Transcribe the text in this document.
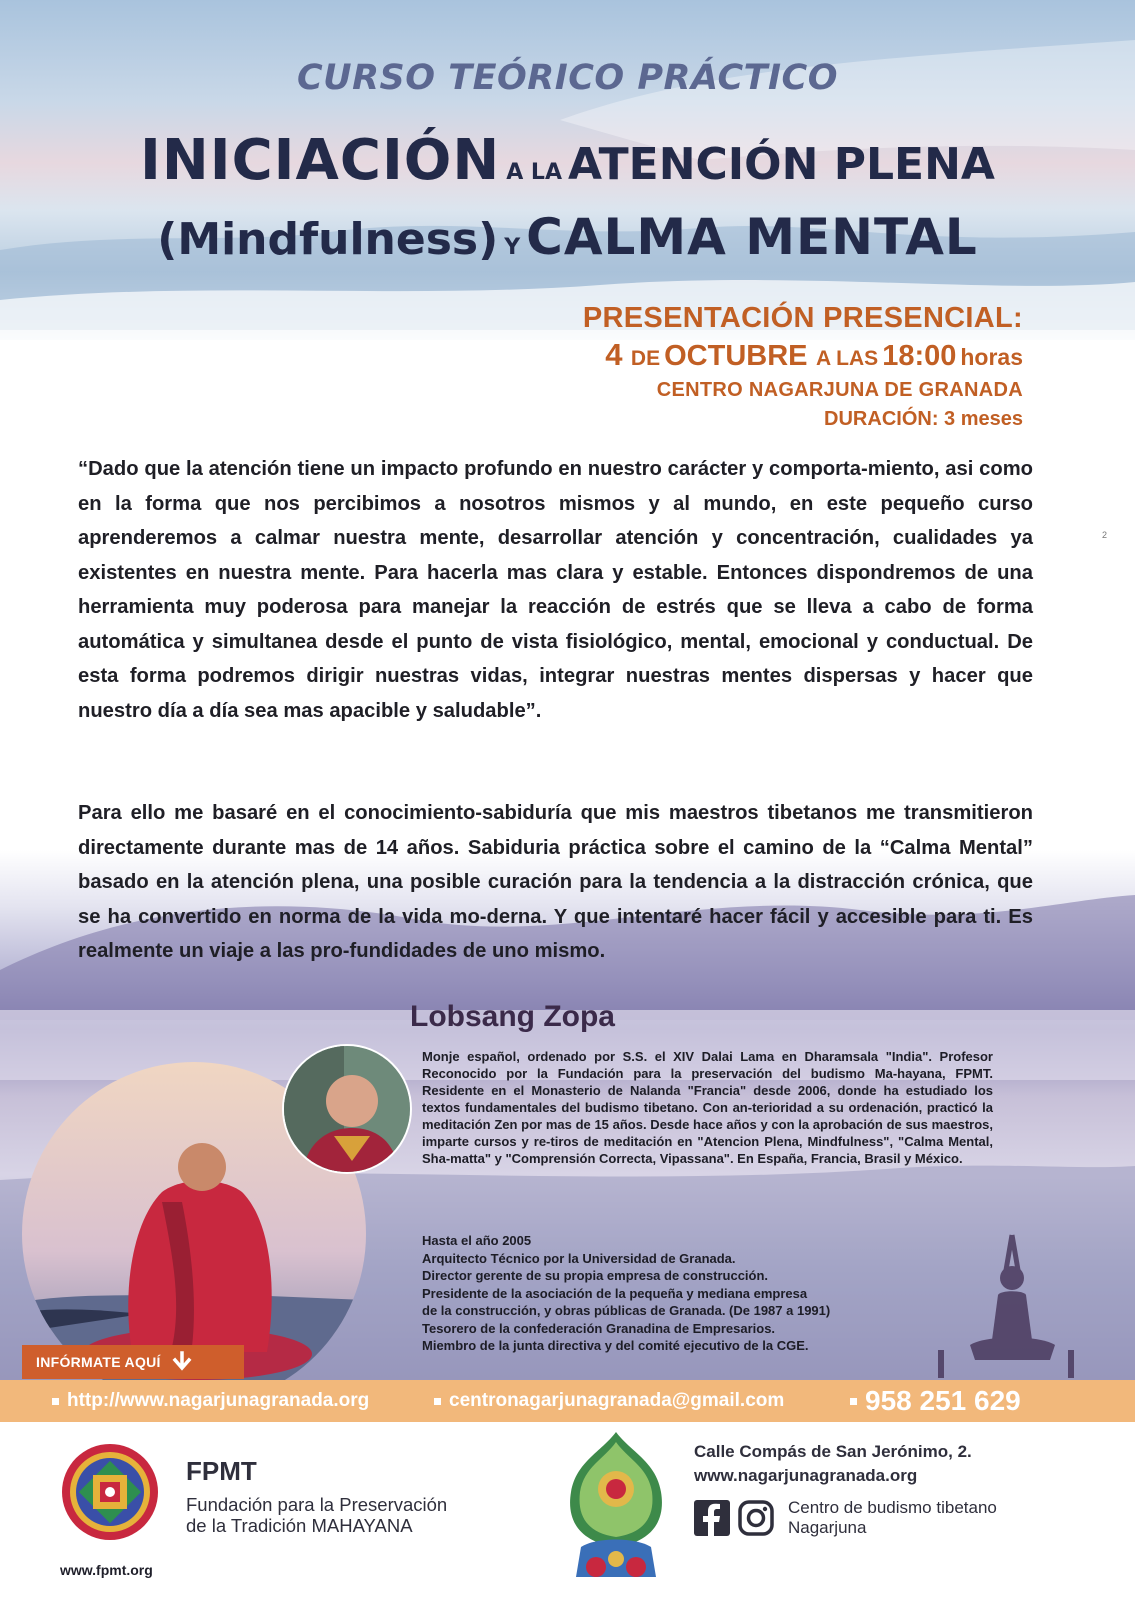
CURSO TEÓRICO PRÁCTICO
INICIACIÓN A LA ATENCIÓN PLENA
(Mindfulness) Y CALMA MENTAL
PRESENTACIÓN PRESENCIAL:
4 DE OCTUBRE A LAS 18:00 horas
CENTRO NAGARJUNA DE GRANADA
DURACIÓN: 3 meses
“Dado que la atención tiene un impacto profundo en nuestro carácter y comporta-miento, asi como en la forma que nos percibimos a nosotros mismos y al mundo, en este pequeño curso aprenderemos a calmar nuestra mente, desarrollar atención y concentración, cualidades ya existentes en nuestra mente. Para hacerla mas clara y estable. Entonces dispondremos de una herramienta muy poderosa para manejar la reacción de estrés que se lleva a cabo de forma automática y simultanea desde el punto de vista fisiológico, mental, emocional y conductual. De esta forma podremos dirigir nuestras vidas, integrar nuestras mentes dispersas y hacer que nuestro día a día sea mas apacible y saludable”.
Para ello me basaré en el conocimiento-sabiduría que mis maestros tibetanos me transmitieron directamente durante mas de 14 años. Sabiduria práctica sobre el camino de la “Calma Mental” basado en la atención plena, una posible curación para la tendencia a la distracción crónica, que se ha convertido en norma de la vida mo-derna. Y que intentaré hacer fácil y accesible para ti. Es realmente un viaje a las pro-fundidades de uno mismo.
2
Lobsang Zopa
Monje español, ordenado por S.S. el XIV Dalai Lama en Dharamsala "India". Profesor Reconocido por la Fundación para la preservación del budismo Ma-hayana, FPMT. Residente en el Monasterio de Nalanda "Francia" desde 2006, donde ha estudiado los textos fundamentales del budismo tibetano. Con an-terioridad a su ordenación, practicó la meditación Zen por mas de 15 años. Desde hace años y con la aprobación de sus maestros, imparte cursos y re-tiros de meditación en "Atencion Plena, Mindfulness", "Calma Mental, Sha-matta" y "Comprensión Correcta, Vipassana". En España, Francia, Brasil y México.
Hasta el año 2005
Arquitecto Técnico por la Universidad de Granada.
Director gerente de su propia empresa de construcción.
Presidente de la asociación de la pequeña y mediana empresa
de la construcción, y obras públicas de Granada. (De 1987 a 1991)
Tesorero de la confederación Granadina de Empresarios.
Miembro de la junta directiva y del comité ejecutivo de la CGE.
INFÓRMATE AQUÍ
http://www.nagarjunagranada.org	centronagarjunagranada@gmail.com	958 251 629
www.fpmt.org
FPMT
Fundación para la Preservación
de la Tradición MAHAYANA
Calle Compás de San Jerónimo, 2.
www.nagarjunagranada.org
Centro de budismo tibetano
Nagarjuna
